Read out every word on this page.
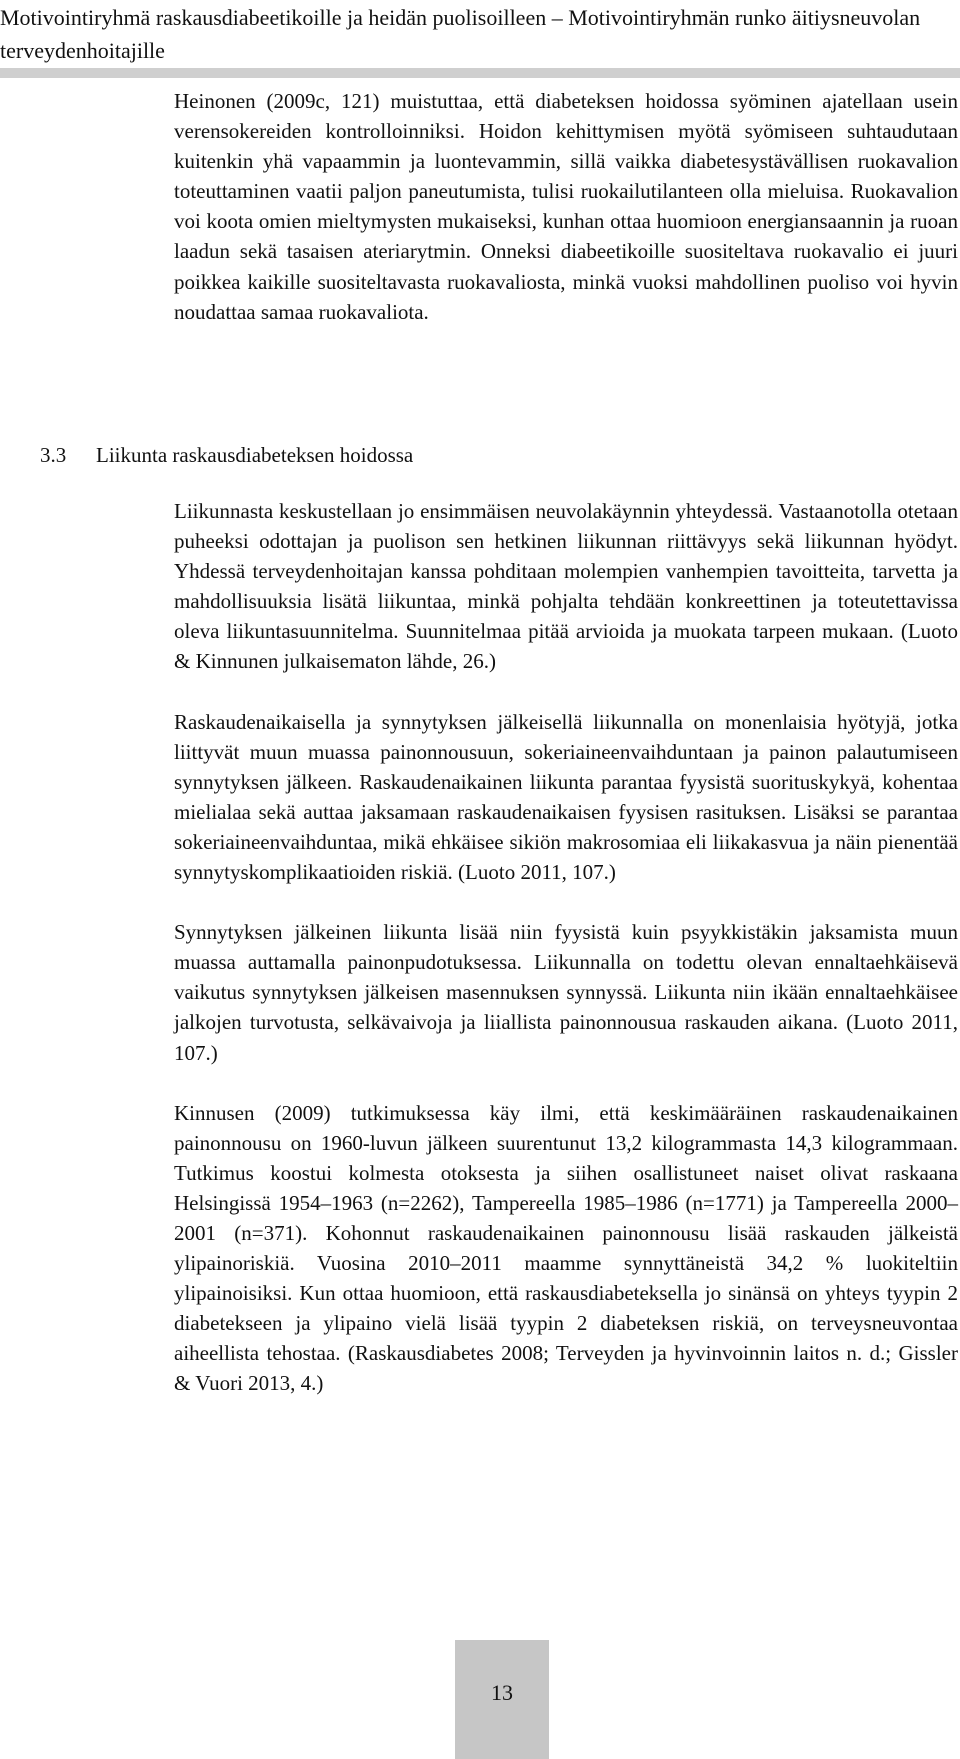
Motivointiryhmä raskausdiabeetikoille ja heidän puolisoilleen – Motivointiryhmän runko äitiysneuvolan terveydenhoitajille

Heinonen (2009c, 121) muistuttaa, että diabeteksen hoidossa syöminen ajatellaan usein verensokereiden kontrolloinniksi. Hoidon kehittymisen myötä syömiseen suhtaudutaan kuitenkin yhä vapaammin ja luontevammin, sillä vaikka diabetesystävällisen ruokavalion toteuttaminen vaatii paljon paneutumista, tulisi ruokailutilanteen olla mieluisa. Ruokavalion voi koota omien mieltymysten mukaiseksi, kunhan ottaa huomioon energiansaannin ja ruoan laadun sekä tasaisen ateriarytmin. Onneksi diabeetikoille suositeltava ruokavalio ei juuri poikkea kaikille suositeltavasta ruokavaliosta, minkä vuoksi mahdollinen puoliso voi hyvin noudattaa samaa ruokavaliota.

3.3 Liikunta raskausdiabeteksen hoidossa

Liikunnasta keskustellaan jo ensimmäisen neuvolakäynnin yhteydessä. Vastaanotolla otetaan puheeksi odottajan ja puolison sen hetkinen liikunnan riittävyys sekä liikunnan hyödyt. Yhdessä terveydenhoitajan kanssa pohditaan molempien vanhempien tavoitteita, tarvetta ja mahdollisuuksia lisätä liikuntaa, minkä pohjalta tehdään konkreettinen ja toteutettavissa oleva liikuntasuunnitelma. Suunnitelmaa pitää arvioida ja muokata tarpeen mukaan. (Luoto & Kinnunen julkaisematon lähde, 26.)

Raskaudenaikaisella ja synnytyksen jälkeisellä liikunnalla on monenlaisia hyötyjä, jotka liittyvät muun muassa painonnousuun, sokeriaineenvaihduntaan ja painon palautumiseen synnytyksen jälkeen. Raskaudenaikainen liikunta parantaa fyysistä suorituskykyä, kohentaa mielialaa sekä auttaa jaksamaan raskaudenaikaisen fyysisen rasituksen. Lisäksi se parantaa sokeriaineenvaihduntaa, mikä ehkäisee sikiön makrosomiaa eli liikakasvua ja näin pienentää synnytyskomplikaatioiden riskiä. (Luoto 2011, 107.)

Synnytyksen jälkeinen liikunta lisää niin fyysistä kuin psyykkistäkin jaksamista muun muassa auttamalla painonpudotuksessa. Liikunnalla on todettu olevan ennaltaehkäisevä vaikutus synnytyksen jälkeisen masennuksen synnyssä. Liikunta niin ikään ennaltaehkäisee jalkojen turvotusta, selkävaivoja ja liiallista painonnousua raskauden aikana. (Luoto 2011, 107.)

Kinnusen (2009) tutkimuksessa käy ilmi, että keskimääräinen raskaudenaikainen painonnousu on 1960-luvun jälkeen suurentunut 13,2 kilogrammasta 14,3 kilogrammaan. Tutkimus koostui kolmesta otoksesta ja siihen osallistuneet naiset olivat raskaana Helsingissä 1954–1963 (n=2262), Tampereella 1985–1986 (n=1771) ja Tampereella 2000–2001 (n=371). Kohonnut raskaudenaikainen painonnousu lisää raskauden jälkeistä ylipainoriskiä. Vuosina 2010–2011 maamme synnyttäneistä 34,2 % luokiteltiin ylipainoisiksi. Kun ottaa huomioon, että raskausdiabeteksella jo sinänsä on yhteys tyypin 2 diabetekseen ja ylipaino vielä lisää tyypin 2 diabeteksen riskiä, on terveysneuvontaa aiheellista tehostaa. (Raskausdiabetes 2008; Terveyden ja hyvinvoinnin laitos n. d.; Gissler & Vuori 2013, 4.)

13
